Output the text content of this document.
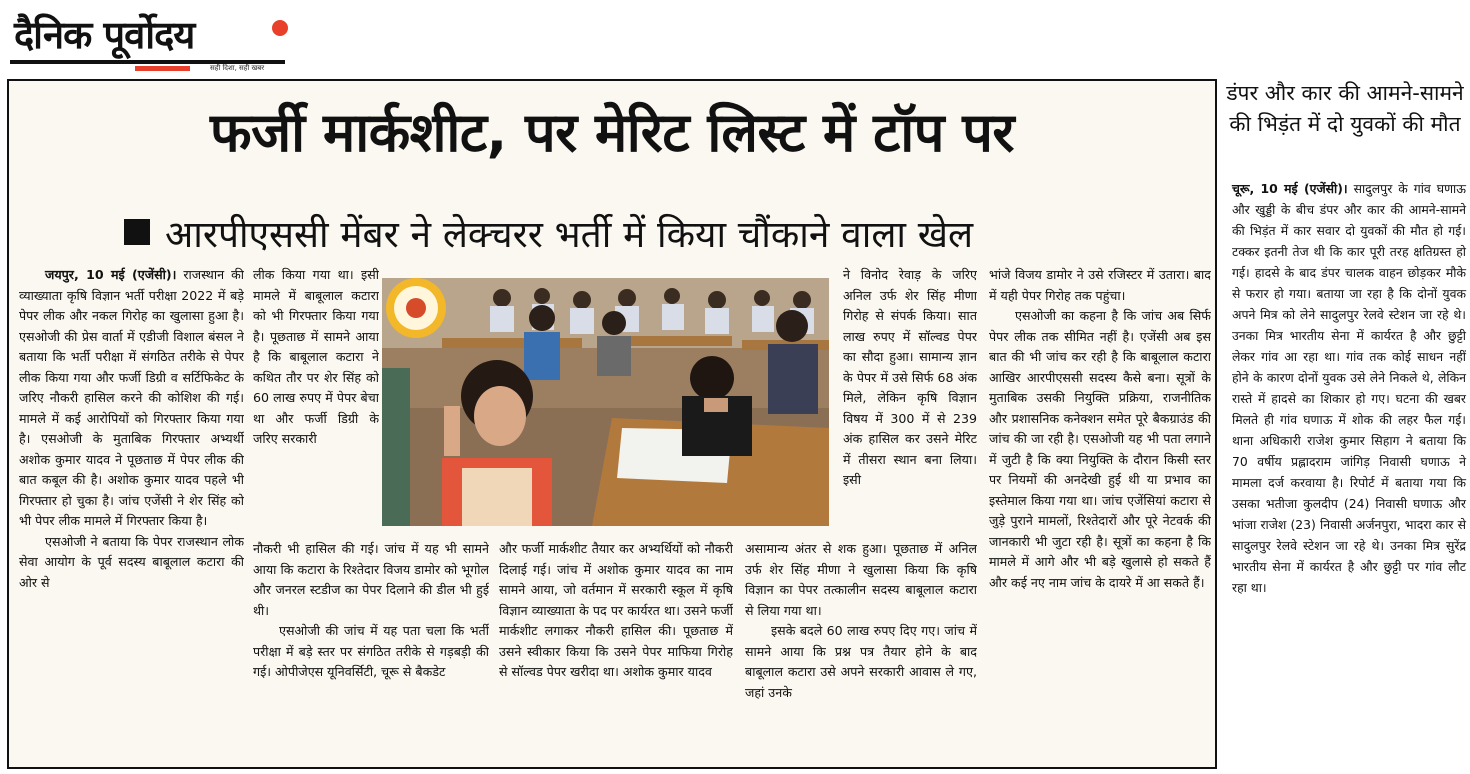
दैनिक पूर्वोदय
सही दिशा, सही खबर
फर्जी मार्कशीट, पर मेरिट लिस्ट में टॉप पर
आरपीएससी मेंबर ने लेक्चरर भर्ती में किया चौंकाने वाला खेल

जयपुर, 10 मई (एजेंसी)। राजस्थान की व्याख्याता कृषि विज्ञान भर्ती परीक्षा 2022 में बड़े पेपर लीक और नकल गिरोह का खुलासा हुआ है। एसओजी की प्रेस वार्ता में एडीजी विशाल बंसल ने बताया कि भर्ती परीक्षा में संगठित तरीके से पेपर लीक किया गया और फर्जी डिग्री व सर्टिफिकेट के जरिए नौकरी हासिल करने की कोशिश की गई। मामले में कई आरोपियों को गिरफ्तार किया गया है। एसओजी के मुताबिक गिरफ्तार अभ्यर्थी अशोक कुमार यादव ने पूछताछ में पेपर लीक की बात कबूल की है। अशोक कुमार यादव पहले भी गिरफ्तार हो चुका है। जांच एजेंसी ने शेर सिंह को भी पेपर लीक मामले में गिरफ्तार किया है।

एसओजी ने बताया कि पेपर राजस्थान लोक सेवा आयोग के पूर्व सदस्य बाबूलाल कटारा की ओर से

लीक किया गया था। इसी मामले में बाबूलाल कटारा को भी गिरफ्तार किया गया है। पूछताछ में सामने आया है कि बाबूलाल कटारा ने कथित तौर पर शेर सिंह को 60 लाख रुपए में पेपर बेचा था और फर्जी डिग्री के जरिए सरकारी

नौकरी भी हासिल की गई। जांच में यह भी सामने आया कि कटारा के रिश्तेदार विजय डामोर को भूगोल और जनरल स्टडीज का पेपर दिलाने की डील भी हुई थी।

एसओजी की जांच में यह पता चला कि भर्ती परीक्षा में बड़े स्तर पर संगठित तरीके से गड़बड़ी की गई। ओपीजेएस यूनिवर्सिटी, चूरू से बैकडेट

और फर्जी मार्कशीट तैयार कर अभ्यर्थियों को नौकरी दिलाई गई। जांच में अशोक कुमार यादव का नाम सामने आया, जो वर्तमान में सरकारी स्कूल में कृषि विज्ञान व्याख्याता के पद पर कार्यरत था। उसने फर्जी मार्कशीट लगाकर नौकरी हासिल की। पूछताछ में उसने स्वीकार किया कि उसने पेपर माफिया गिरोह से सॉल्वड पेपर खरीदा था। अशोक कुमार यादव

ने विनोद रेवाड़ के जरिए अनिल उर्फ शेर सिंह मीणा गिरोह से संपर्क किया। सात लाख रुपए में सॉल्वड पेपर का सौदा हुआ। सामान्य ज्ञान के पेपर में उसे सिर्फ 68 अंक मिले, लेकिन कृषि विज्ञान विषय में 300 में से 239 अंक हासिल कर उसने मेरिट में तीसरा स्थान बना लिया। इसी

असामान्य अंतर से शक हुआ। पूछताछ में अनिल उर्फ शेर सिंह मीणा ने खुलासा किया कि कृषि विज्ञान का पेपर तत्कालीन सदस्य बाबूलाल कटारा से लिया गया था।

इसके बदले 60 लाख रुपए दिए गए। जांच में सामने आया कि प्रश्न पत्र तैयार होने के बाद बाबूलाल कटारा उसे अपने सरकारी आवास ले गए, जहां उनके

भांजे विजय डामोर ने उसे रजिस्टर में उतारा। बाद में यही पेपर गिरोह तक पहुंचा।

एसओजी का कहना है कि जांच अब सिर्फ पेपर लीक तक सीमित नहीं है। एजेंसी अब इस बात की भी जांच कर रही है कि बाबूलाल कटारा आखिर आरपीएससी सदस्य कैसे बना। सूत्रों के मुताबिक उसकी नियुक्ति प्रक्रिया, राजनीतिक और प्रशासनिक कनेक्शन समेत पूरे बैकग्राउंड की जांच की जा रही है। एसओजी यह भी पता लगाने में जुटी है कि क्या नियुक्ति के दौरान किसी स्तर पर नियमों की अनदेखी हुई थी या प्रभाव का इस्तेमाल किया गया था। जांच एजेंसियां कटारा से जुड़े पुराने मामलों, रिश्तेदारों और पूरे नेटवर्क की जानकारी भी जुटा रही है। सूत्रों का कहना है कि मामले में आगे और भी बड़े खुलासे हो सकते हैं और कई नए नाम जांच के दायरे में आ सकते हैं।

डंपर और कार की आमने-सामने की भिड़ंत में दो युवकों की मौत
चूरू, 10 मई (एजेंसी)। सादुलपुर के गांव घणाऊ और खुड्डी के बीच डंपर और कार की आमने-सामने की भिड़ंत में कार सवार दो युवकों की मौत हो गई। टक्कर इतनी तेज थी कि कार पूरी तरह क्षतिग्रस्त हो गई। हादसे के बाद डंपर चालक वाहन छोड़कर मौके से फरार हो गया। बताया जा रहा है कि दोनों युवक अपने मित्र को लेने सादुलपुर रेलवे स्टेशन जा रहे थे। उनका मित्र भारतीय सेना में कार्यरत है और छुट्टी लेकर गांव आ रहा था। गांव तक कोई साधन नहीं होने के कारण दोनों युवक उसे लेने निकले थे, लेकिन रास्ते में हादसे का शिकार हो गए। घटना की खबर मिलते ही गांव घणाऊ में शोक की लहर फैल गई। थाना अधिकारी राजेश कुमार सिहाग ने बताया कि 70 वर्षीय प्रह्लादराम जांगिड़ निवासी घणाऊ ने मामला दर्ज करवाया है। रिपोर्ट में बताया गया कि उसका भतीजा कुलदीप (24) निवासी घणाऊ और भांजा राजेश (23) निवासी अर्जनपुरा, भादरा कार से सादुलपुर रेलवे स्टेशन जा रहे थे। उनका मित्र सुरेंद्र भारतीय सेना में कार्यरत है और छुट्टी पर गांव लौट रहा था।
